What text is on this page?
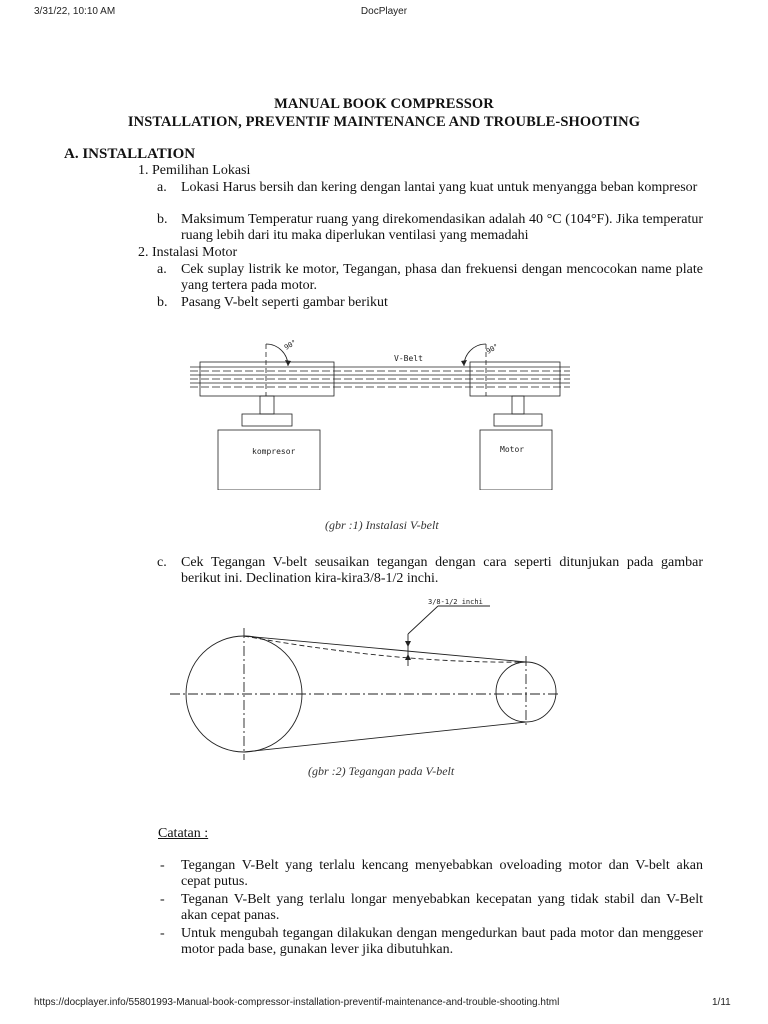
3/31/22, 10:10 AM	DocPlayer
https://docplayer.info/55801993-Manual-book-compressor-installation-preventif-maintenance-and-trouble-shooting.html	1/11
MANUAL BOOK COMPRESSOR
INSTALLATION, PREVENTIF MAINTENANCE AND TROUBLE-SHOOTING
A. INSTALLATION
1. Pemilihan Lokasi
a. Lokasi Harus bersih dan kering dengan lantai yang kuat untuk menyangga beban kompresor
b. Maksimum Temperatur ruang yang direkomendasikan adalah 40 °C (104°F). Jika temperatur ruang lebih dari itu maka diperlukan ventilasi yang memadahi
2. Instalasi Motor
a. Cek suplay listrik ke motor, Tegangan, phasa dan frekuensi dengan mencocokan name plate yang tertera pada motor.
b. Pasang V-belt seperti gambar berikut
90°	90°
V-Belt
kompresor	Motor
(gbr :1) Instalasi V-belt
c. Cek Tegangan V-belt seusaikan tegangan dengan cara seperti ditunjukan pada gambar berikut ini. Declination kira-kira3/8-1/2 inchi.
3/8-1/2 inchi
(gbr :2) Tegangan pada V-belt
Catatan :
- Tegangan V-Belt yang terlalu kencang menyebabkan oveloading motor dan V-belt akan cepat putus.
- Teganan V-Belt yang terlalu longar menyebabkan kecepatan yang tidak stabil dan V-Belt akan cepat panas.
- Untuk mengubah tegangan dilakukan dengan mengedurkan baut pada motor dan menggeser motor pada base, gunakan lever jika dibutuhkan.
